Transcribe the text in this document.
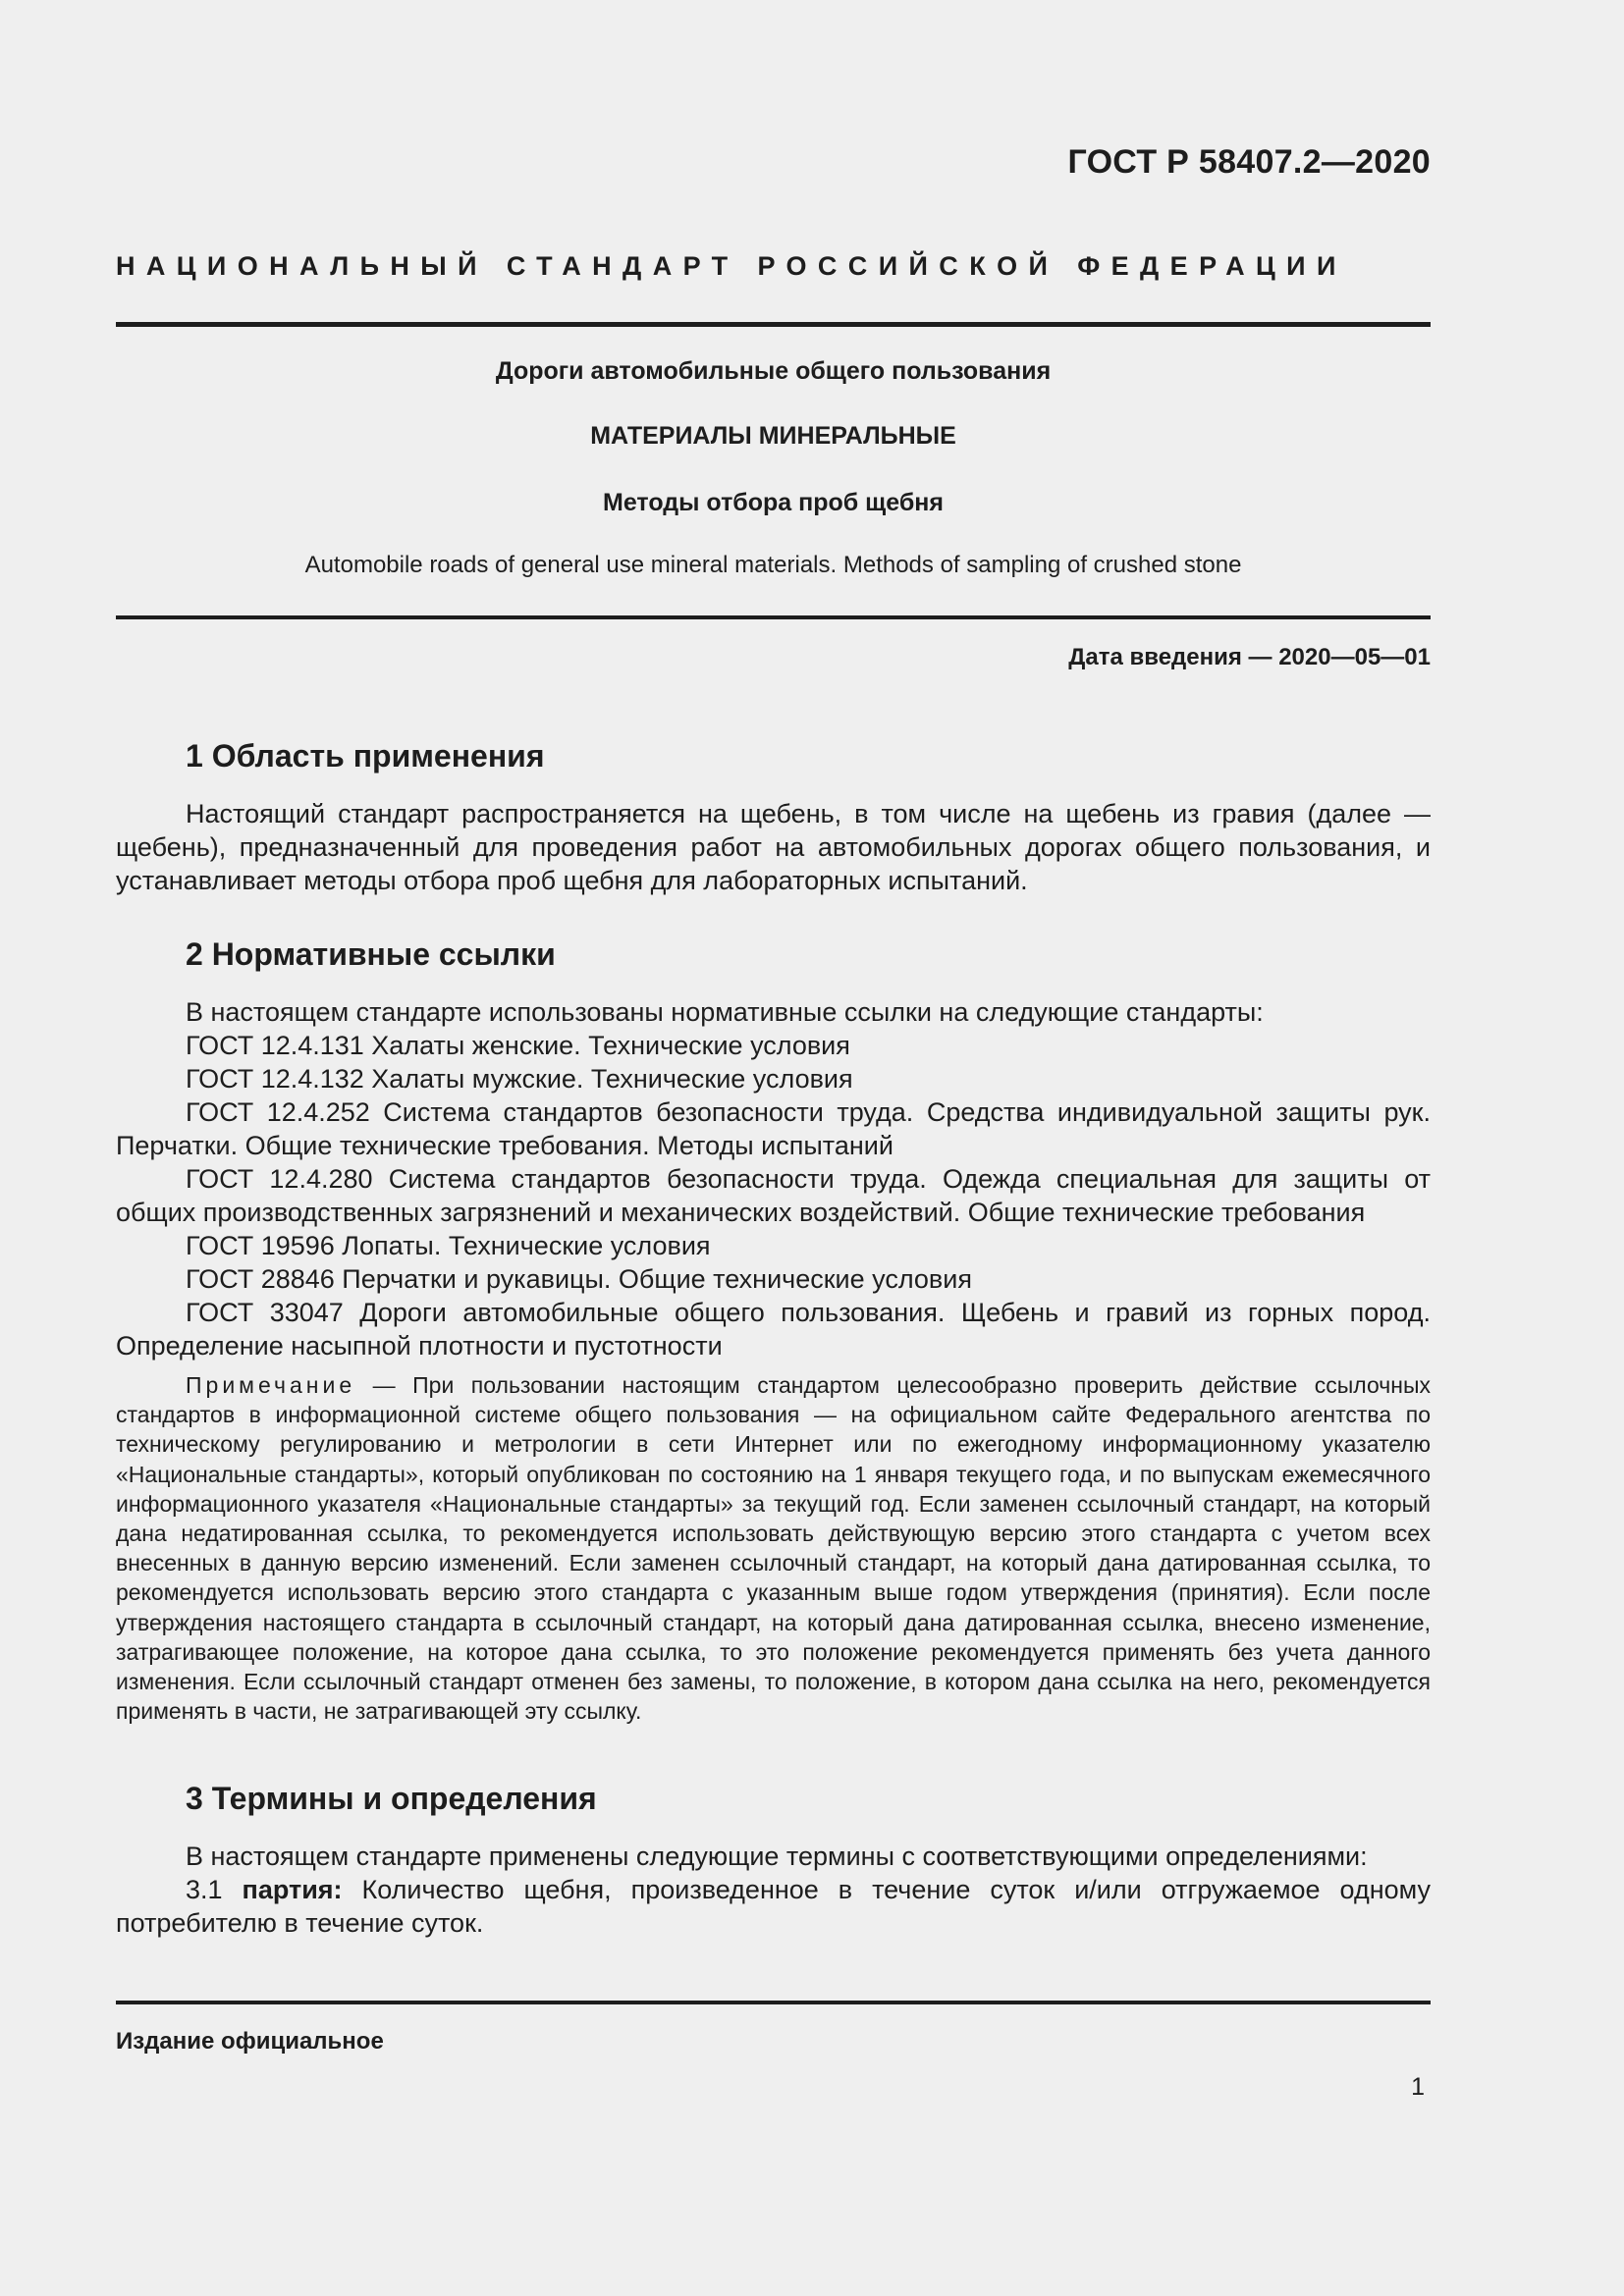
ГОСТ Р 58407.2—2020
НАЦИОНАЛЬНЫЙ СТАНДАРТ РОССИЙСКОЙ ФЕДЕРАЦИИ
Дороги автомобильные общего пользования
МАТЕРИАЛЫ МИНЕРАЛЬНЫЕ
Методы отбора проб щебня
Automobile roads of general use mineral materials. Methods of sampling of crushed stone
Дата введения — 2020—05—01
1 Область применения

Настоящий стандарт распространяется на щебень, в том числе на щебень из гравия (далее — щебень), предназначенный для проведения работ на автомобильных дорогах общего пользования, и устанавливает методы отбора проб щебня для лабораторных испытаний.

2 Нормативные ссылки

В настоящем стандарте использованы нормативные ссылки на следующие стандарты:

ГОСТ 12.4.131 Халаты женские. Технические условия

ГОСТ 12.4.132 Халаты мужские. Технические условия

ГОСТ 12.4.252 Система стандартов безопасности труда. Средства индивидуальной защиты рук. Перчатки. Общие технические требования. Методы испытаний

ГОСТ 12.4.280 Система стандартов безопасности труда. Одежда специальная для защиты от общих производственных загрязнений и механических воздействий. Общие технические требования

ГОСТ 19596 Лопаты. Технические условия

ГОСТ 28846 Перчатки и рукавицы. Общие технические условия

ГОСТ 33047 Дороги автомобильные общего пользования. Щебень и гравий из горных пород. Определение насыпной плотности и пустотности

Примечание — При пользовании настоящим стандартом целесообразно проверить действие ссылочных стандартов в информационной системе общего пользования — на официальном сайте Федерального агентства по техническому регулированию и метрологии в сети Интернет или по ежегодному информационному указателю «Национальные стандарты», который опубликован по состоянию на 1 января текущего года, и по выпускам ежемесячного информационного указателя «Национальные стандарты» за текущий год. Если заменен ссылочный стандарт, на который дана недатированная ссылка, то рекомендуется использовать действующую версию этого стандарта с учетом всех внесенных в данную версию изменений. Если заменен ссылочный стандарт, на который дана датированная ссылка, то рекомендуется использовать версию этого стандарта с указанным выше годом утверждения (принятия). Если после утверждения настоящего стандарта в ссылочный стандарт, на который дана датированная ссылка, внесено изменение, затрагивающее положение, на которое дана ссылка, то это положение рекомендуется применять без учета данного изменения. Если ссылочный стандарт отменен без замены, то положение, в котором дана ссылка на него, рекомендуется применять в части, не затрагивающей эту ссылку.
3 Термины и определения

В настоящем стандарте применены следующие термины с соответствующими определениями:

3.1 партия: Количество щебня, произведенное в течение суток и/или отгружаемое одному потребителю в течение суток.

Издание официальное
1
